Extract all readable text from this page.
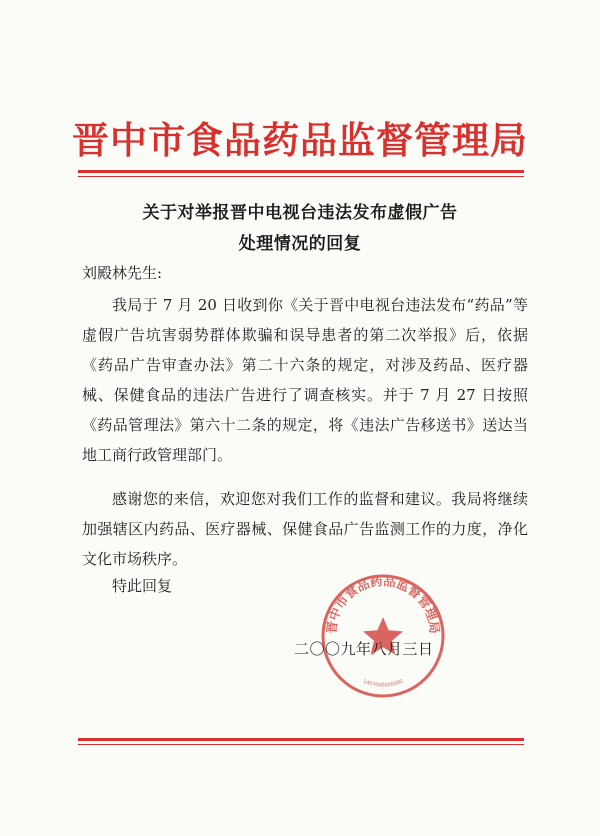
晋中市食品药品监督管理局
关于对举报晋中电视台违法发布虚假广告
处理情况的回复
刘殿林先生:
我局于 7 月 20 日收到你《关于晋中电视台违法发布“药品”等虚假广告坑害弱势群体欺骗和误导患者的第二次举报》后，依据《药品广告审查办法》第二十六条的规定，对涉及药品、医疗器械、保健食品的违法广告进行了调查核实。并于 7 月 27 日按照《药品管理法》第六十二条的规定，将《违法广告移送书》送达当地工商行政管理部门。
感谢您的来信，欢迎您对我们工作的监督和建议。我局将继续加强辖区内药品、医疗器械、保健食品广告监测工作的力度，净化文化市场秩序。
特此回复
晋中市食品药品监督管理局
1407000000000
二〇〇九年八月三日
